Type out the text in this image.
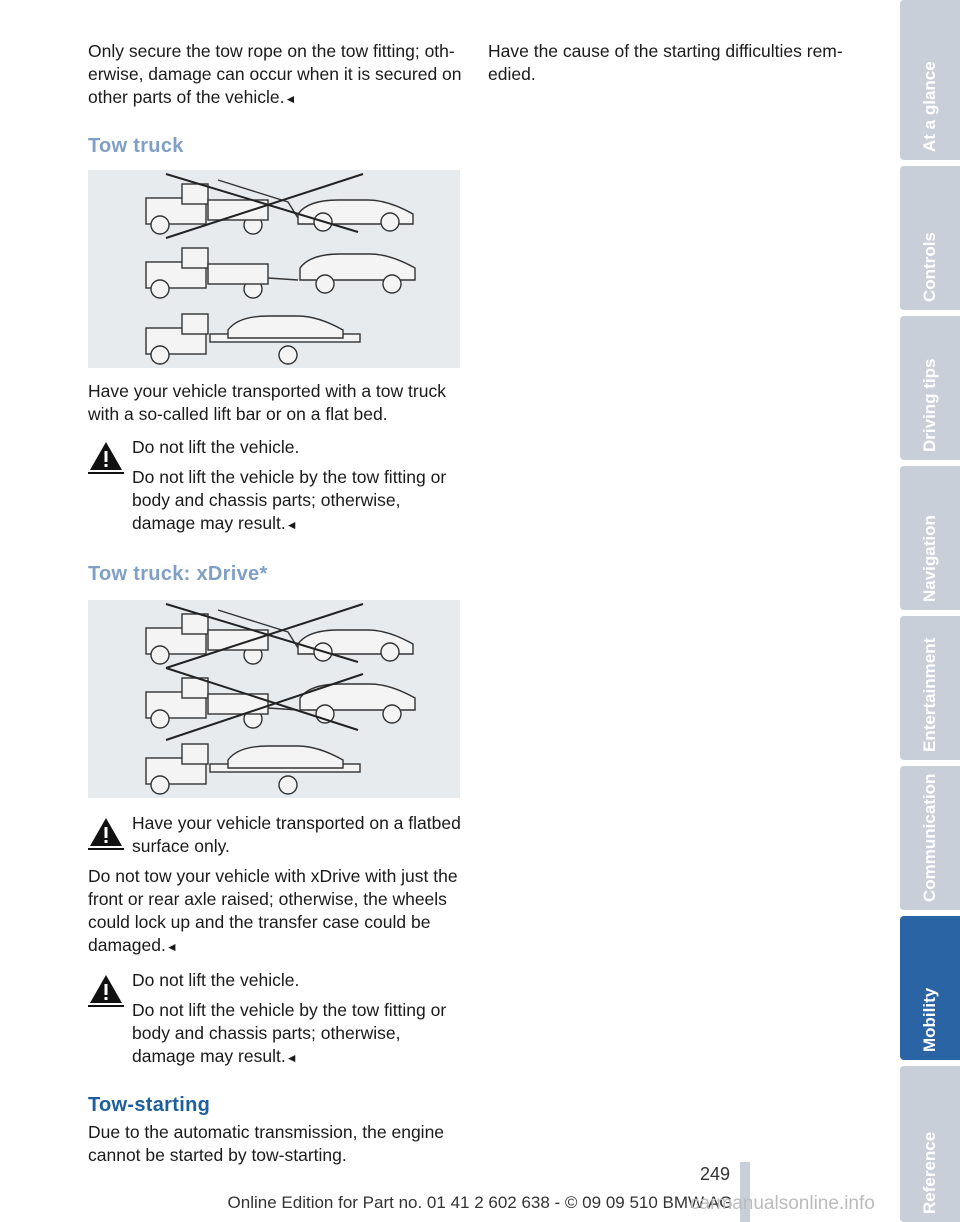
Only secure the tow rope on the tow fitting; oth-erwise, damage can occur when it is secured on other parts of the vehicle.◄

Tow truck

Have your vehicle transported with a tow truck with a so-called lift bar or on a flat bed.

Do not lift the vehicle.

Do not lift the vehicle by the tow fitting or body and chassis parts; otherwise, damage may result.◄

Tow truck: xDrive*

Have your vehicle transported on a flatbed surface only.

Do not tow your vehicle with xDrive with just the front or rear axle raised; otherwise, the wheels could lock up and the transfer case could be damaged.◄

Do not lift the vehicle.

Do not lift the vehicle by the tow fitting or body and chassis parts; otherwise, damage may result.◄

Tow-starting

Due to the automatic transmission, the engine cannot be started by tow-starting.

Have the cause of the starting difficulties rem-edied.	At a glance
Controls
Driving tips
Navigation
Entertainment
Communication
Mobility
Reference
249
Online Edition for Part no. 01 41 2 602 638 - © 09 09 510 BMW AG
carmanualsonline.info
